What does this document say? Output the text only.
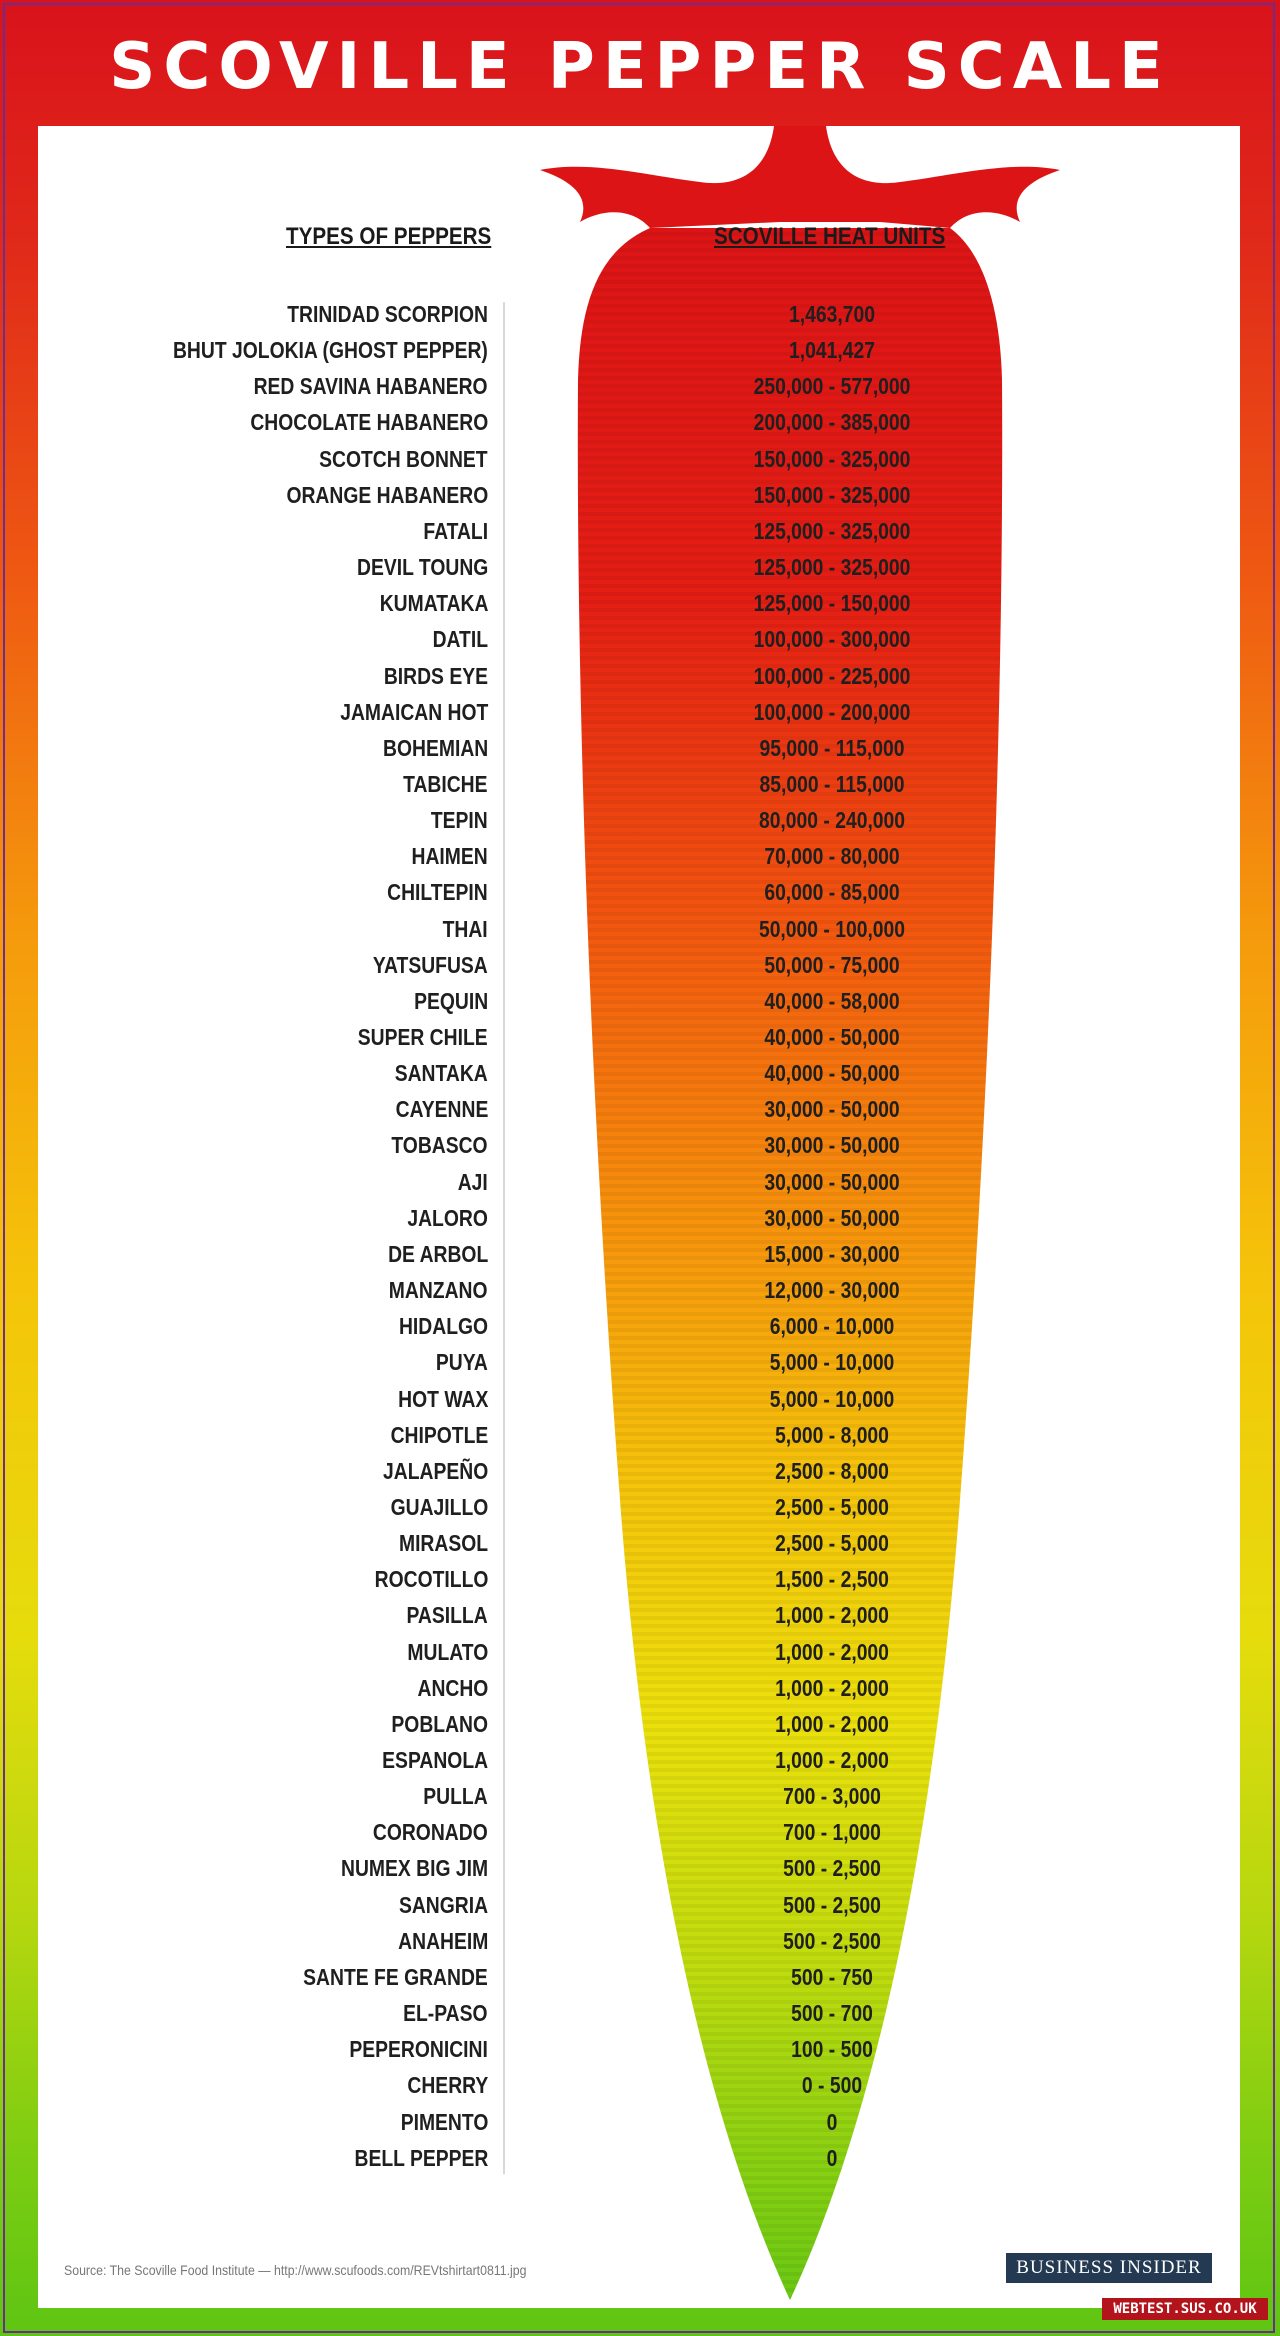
SCOVILLE PEPPER SCALE
TYPES OF PEPPERS	SCOVILLE HEAT UNITS
TRINIDAD SCORPION	1,463,700
BHUT JOLOKIA (GHOST PEPPER)	1,041,427
RED SAVINA HABANERO	250,000 - 577,000
CHOCOLATE HABANERO	200,000 - 385,000
SCOTCH BONNET	150,000 - 325,000
ORANGE HABANERO	150,000 - 325,000
FATALI	125,000 - 325,000
DEVIL TOUNG	125,000 - 325,000
KUMATAKA	125,000 - 150,000
DATIL	100,000 - 300,000
BIRDS EYE	100,000 - 225,000
JAMAICAN HOT	100,000 - 200,000
BOHEMIAN	95,000 - 115,000
TABICHE	85,000 - 115,000
TEPIN	80,000 - 240,000
HAIMEN	70,000 - 80,000
CHILTEPIN	60,000 - 85,000
THAI	50,000 - 100,000
YATSUFUSA	50,000 - 75,000
PEQUIN	40,000 - 58,000
SUPER CHILE	40,000 - 50,000
SANTAKA	40,000 - 50,000
CAYENNE	30,000 - 50,000
TOBASCO	30,000 - 50,000
AJI	30,000 - 50,000
JALORO	30,000 - 50,000
DE ARBOL	15,000 - 30,000
MANZANO	12,000 - 30,000
HIDALGO	6,000 - 10,000
PUYA	5,000 - 10,000
HOT WAX	5,000 - 10,000
CHIPOTLE	5,000 - 8,000
JALAPEÑO	2,500 - 8,000
GUAJILLO	2,500 - 5,000
MIRASOL	2,500 - 5,000
ROCOTILLO	1,500 - 2,500
PASILLA	1,000 - 2,000
MULATO	1,000 - 2,000
ANCHO	1,000 - 2,000
POBLANO	1,000 - 2,000
ESPANOLA	1,000 - 2,000
PULLA	700 - 3,000
CORONADO	700 - 1,000
NUMEX BIG JIM	500 - 2,500
SANGRIA	500 - 2,500
ANAHEIM	500 - 2,500
SANTE FE GRANDE	500 - 750
EL-PASO	500 - 700
PEPERONICINI	100 - 500
CHERRY	0 - 500
PIMENTO	0
BELL PEPPER	0
Source: The Scoville Food Institute — http://www.scufoods.com/REVtshirtart0811.jpg	BUSINESS INSIDER
WEBTEST.SUS.CO.UK
